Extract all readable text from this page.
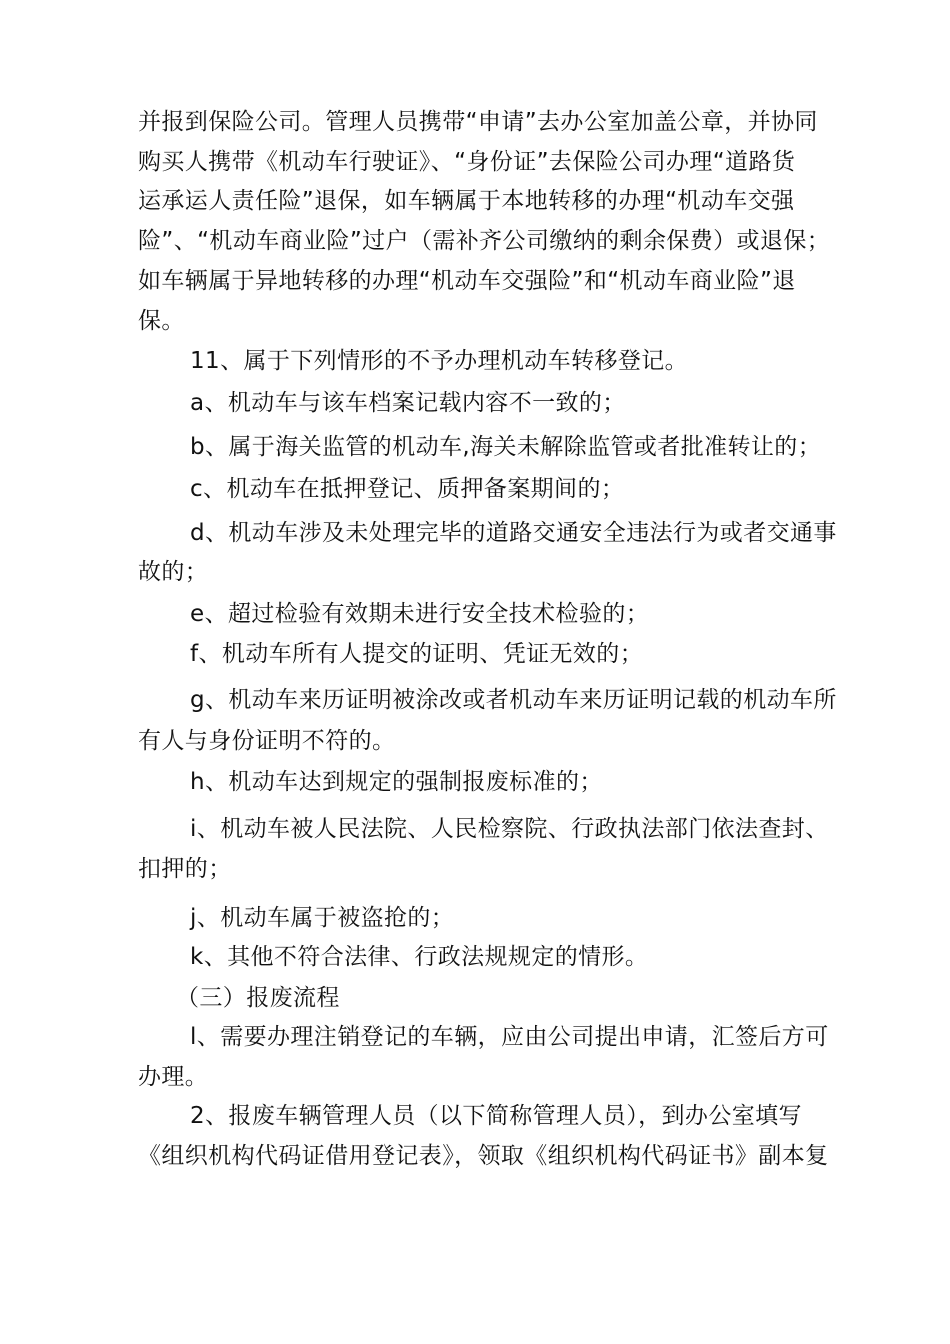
并报到保险公司。管理人员携带“申请”去办公室加盖公章，并协同
购买人携带《机动车行驶证》、“身份证”去保险公司办理“道路货
运承运人责任险”退保，如车辆属于本地转移的办理“机动车交强
险”、“机动车商业险”过户（需补齐公司缴纳的剩余保费）或退保；
如车辆属于异地转移的办理“机动车交强险”和“机动车商业险”退
保。
11、属于下列情形的不予办理机动车转移登记。
a、机动车与该车档案记载内容不一致的；
b、属于海关监管的机动车,海关未解除监管或者批准转让的；
c、机动车在抵押登记、质押备案期间的；
d、机动车涉及未处理完毕的道路交通安全违法行为或者交通事
故的；
e、超过检验有效期未进行安全技术检验的；
f、机动车所有人提交的证明、凭证无效的；
g、机动车来历证明被涂改或者机动车来历证明记载的机动车所
有人与身份证明不符的。
h、机动车达到规定的强制报废标准的；
i、机动车被人民法院、人民检察院、行政执法部门依法查封、
扣押的；
j、机动车属于被盗抢的；
k、其他不符合法律、行政法规规定的情形。
（三）报废流程
l、需要办理注销登记的车辆，应由公司提出申请，汇签后方可
办理。
2、报废车辆管理人员（以下简称管理人员），到办公室填写
《组织机构代码证借用登记表》，领取《组织机构代码证书》副本复
